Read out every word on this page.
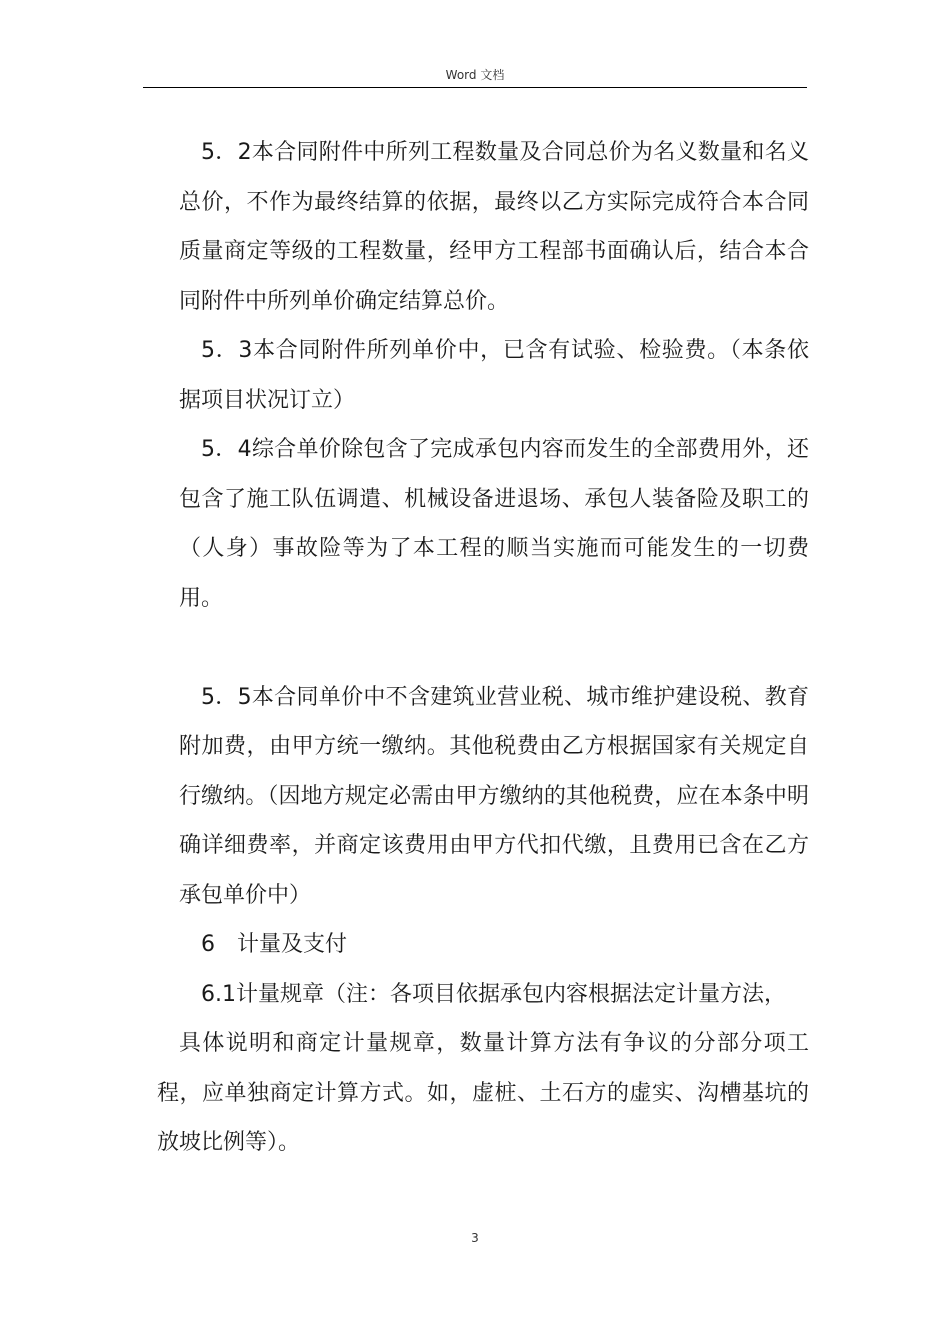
Word 文档

5．2本合同附件中所列工程数量及合同总价为名义数量和名义总价，不作为最终结算的依据，最终以乙方实际完成符合本合同质量商定等级的工程数量，经甲方工程部书面确认后，结合本合同附件中所列单价确定结算总价。

5．3本合同附件所列单价中，已含有试验、检验费。（本条依据项目状况订立）

5．4综合单价除包含了完成承包内容而发生的全部费用外，还包含了施工队伍调遣、机械设备进退场、承包人装备险及职工的（人身）事故险等为了本工程的顺当实施而可能发生的一切费用。

5．5本合同单价中不含建筑业营业税、城市维护建设税、教育附加费，由甲方统一缴纳。其他税费由乙方根据国家有关规定自行缴纳。（因地方规定必需由甲方缴纳的其他税费，应在本条中明确详细费率，并商定该费用由甲方代扣代缴，且费用已含在乙方承包单价中）

6　计量及支付

6.1计量规章（注：各项目依据承包内容根据法定计量方法，
具体说明和商定计量规章，数量计算方法有争议的分部分项工程，应单独商定计算方式。如，虚桩、土石方的虚实、沟槽基坑的放坡比例等）。

3
